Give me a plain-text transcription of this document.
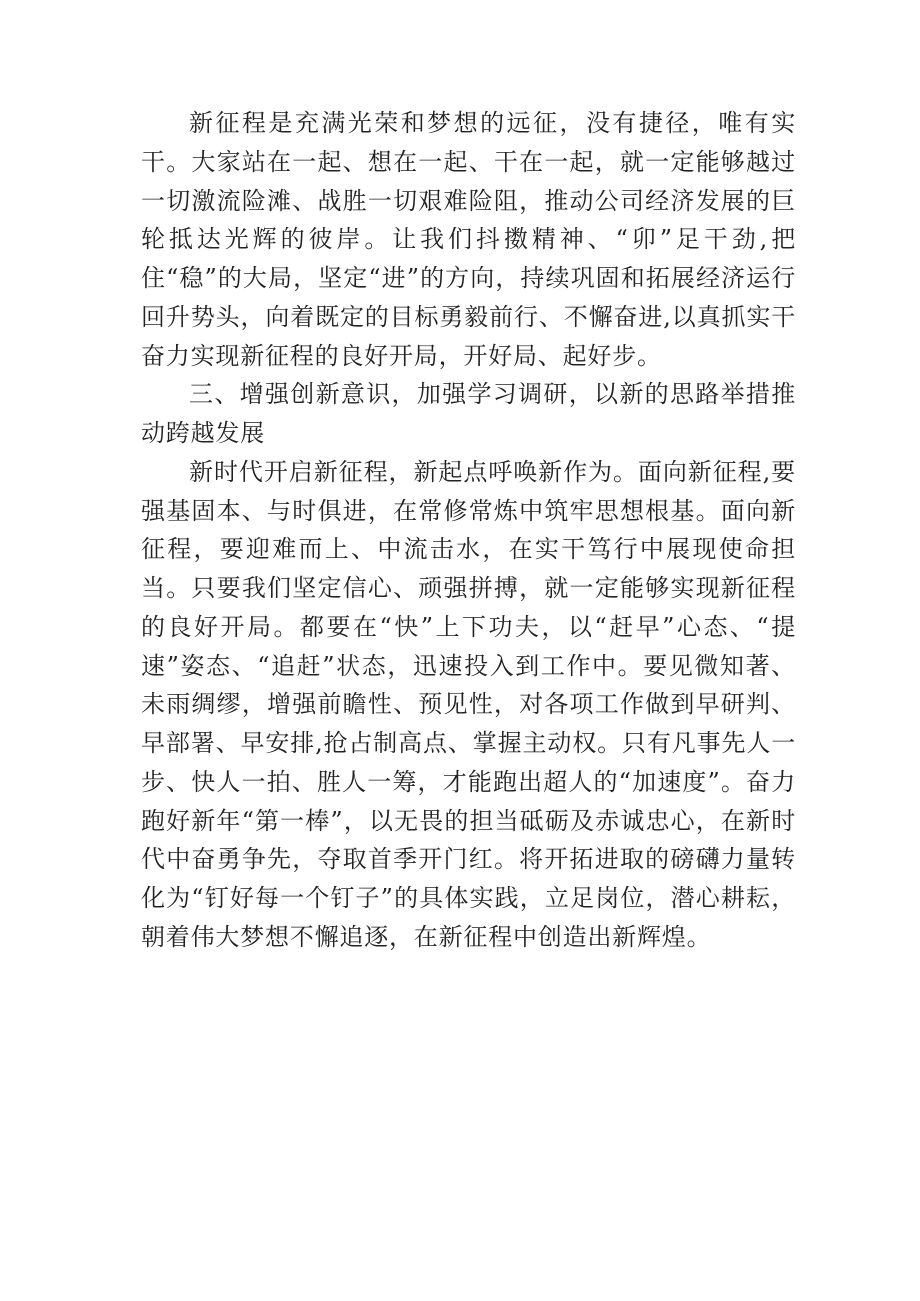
新征程是充满光荣和梦想的远征，没有捷径，唯有实干。大家站在一起、想在一起、干在一起，就一定能够越过一切激流险滩、战胜一切艰难险阻，推动公司经济发展的巨轮抵达光辉的彼岸。让我们抖擞精神、“卯”足干劲,把住“稳”的大局，坚定“进”的方向，持续巩固和拓展经济运行回升势头，向着既定的目标勇毅前行、不懈奋进,以真抓实干奋力实现新征程的良好开局，开好局、起好步。

三、增强创新意识，加强学习调研，以新的思路举措推动跨越发展

新时代开启新征程，新起点呼唤新作为。面向新征程,要强基固本、与时俱进，在常修常炼中筑牢思想根基。面向新征程，要迎难而上、中流击水，在实干笃行中展现使命担当。只要我们坚定信心、顽强拼搏，就一定能够实现新征程的良好开局。都要在“快”上下功夫，以“赶早”心态、“提速”姿态、“追赶”状态，迅速投入到工作中。要见微知著、未雨绸缪，增强前瞻性、预见性，对各项工作做到早研判、早部署、早安排,抢占制高点、掌握主动权。只有凡事先人一步、快人一拍、胜人一筹，才能跑出超人的“加速度”。奋力跑好新年“第一棒”，以无畏的担当砥砺及赤诚忠心，在新时代中奋勇争先，夺取首季开门红。将开拓进取的磅礴力量转化为“钉好每一个钉子”的具体实践，立足岗位，潜心耕耘，朝着伟大梦想不懈追逐，在新征程中创造出新辉煌。
